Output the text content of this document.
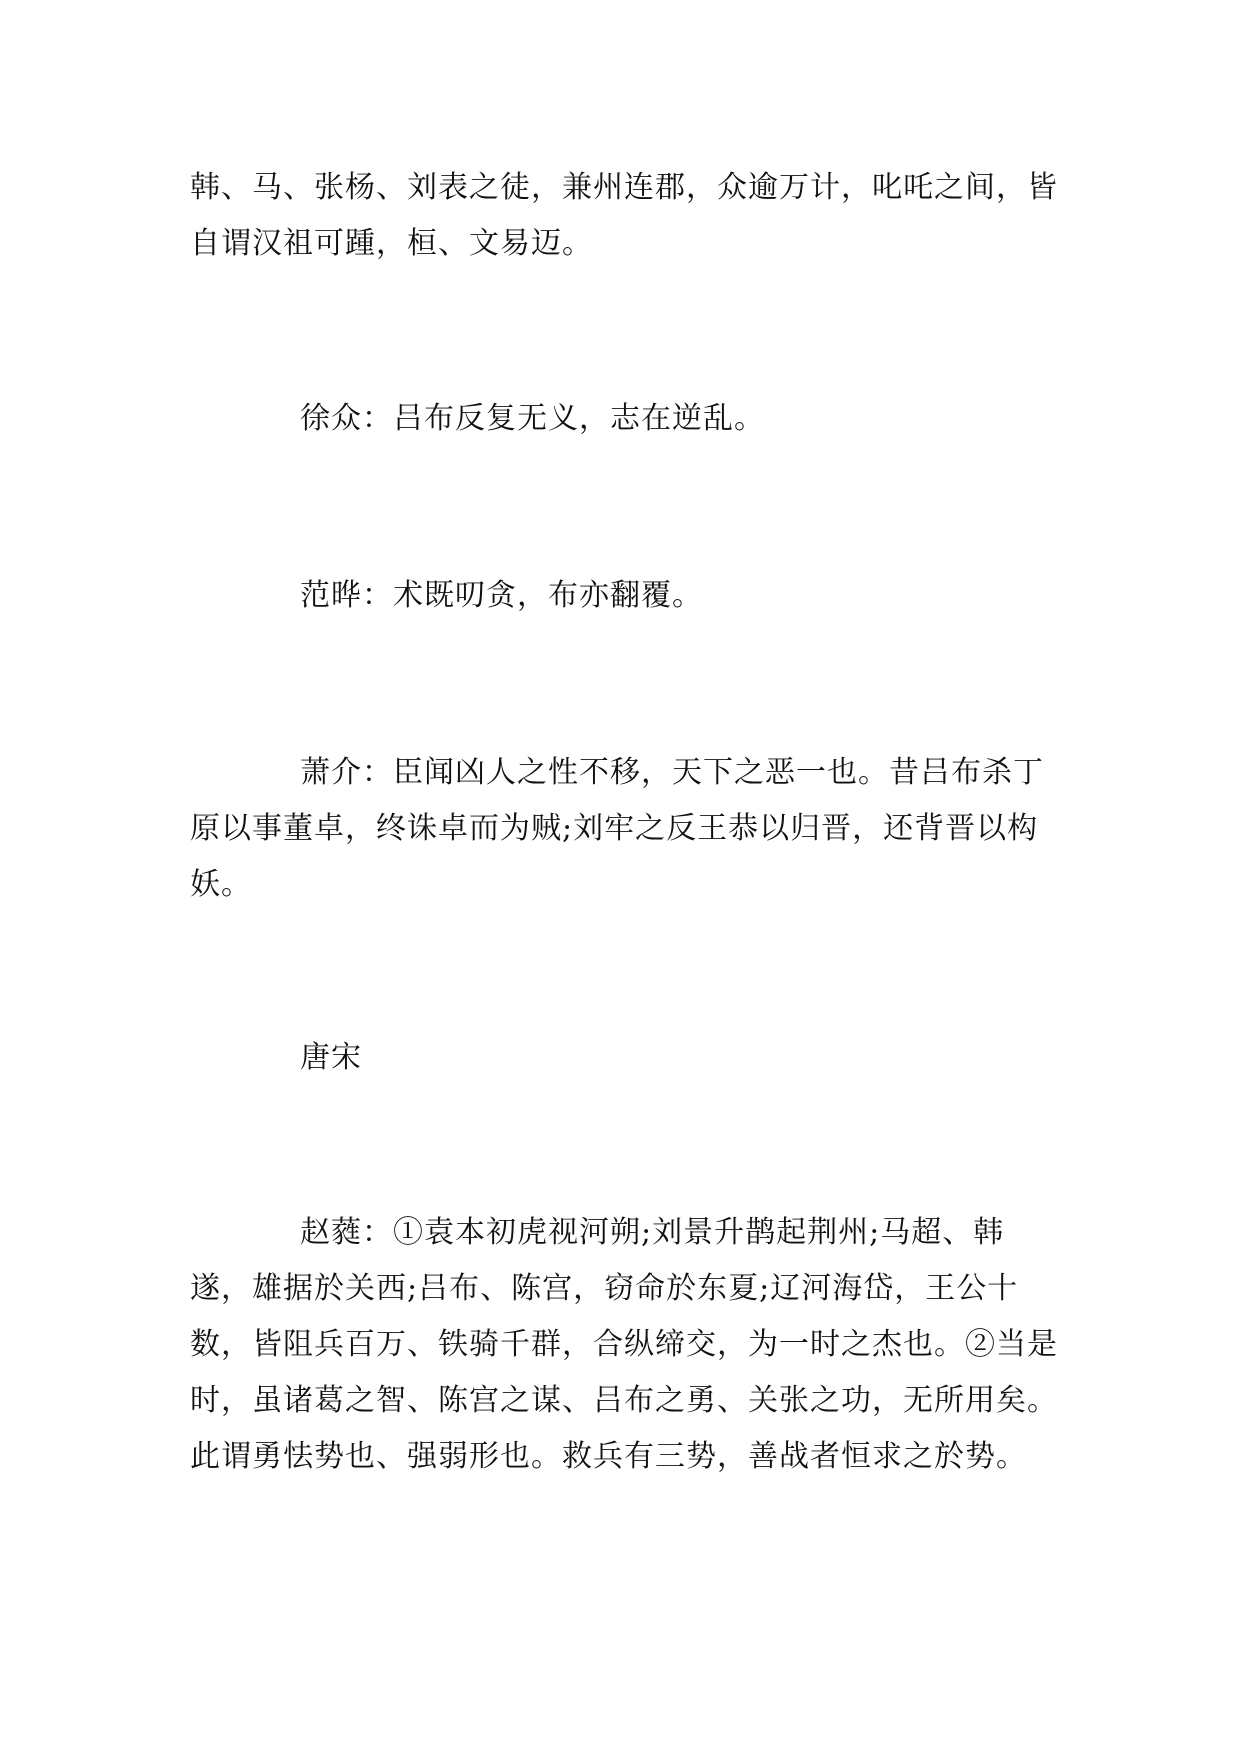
韩、马、张杨、刘表之徒，兼州连郡，众逾万计，叱吒之间，皆自谓汉祖可踵，桓、文易迈。

徐众：吕布反复无义，志在逆乱。

范晔：术既叨贪，布亦翻覆。

萧介：臣闻凶人之性不移，天下之恶一也。昔吕布杀丁原以事董卓，终诛卓而为贼;刘牢之反王恭以归晋，还背晋以构妖。

唐宋

赵蕤：①袁本初虎视河朔;刘景升鹊起荆州;马超、韩遂，雄据於关西;吕布、陈宫，窃命於东夏;辽河海岱，王公十数，皆阻兵百万、铁骑千群，合纵缔交，为一时之杰也。②当是时，虽诸葛之智、陈宫之谋、吕布之勇、关张之功，无所用矣。此谓勇怯势也、强弱形也。救兵有三势，善战者恒求之於势。
